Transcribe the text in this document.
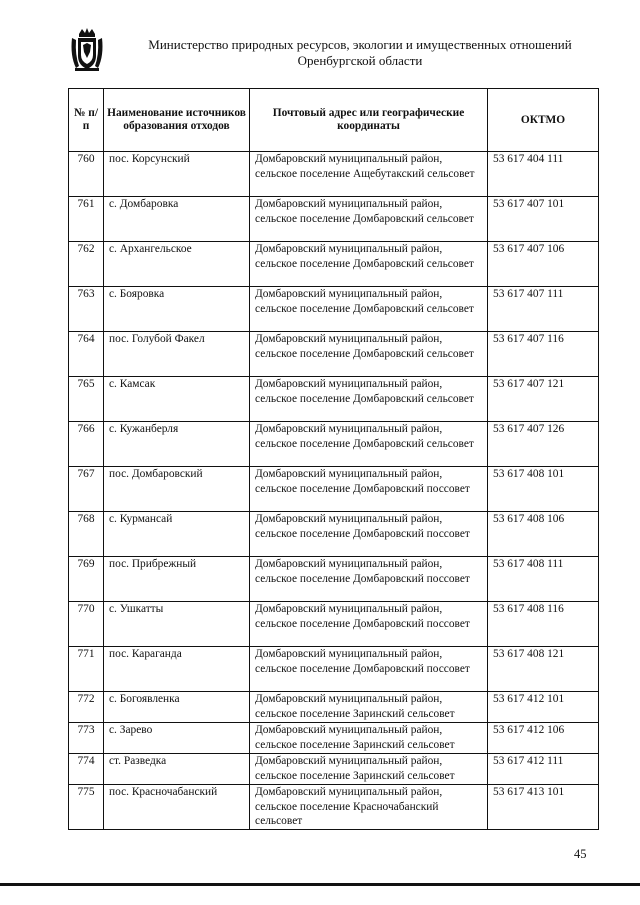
Министерство природных ресурсов, экологии и имущественных отношений
Оренбургской области
№ п/п	Наименование источников образования отходов	Почтовый адрес или географические координаты	ОКТМО
760	пос. Корсунский	Домбаровский муниципальный район, сельское поселение Ащебутакский сельсовет	53 617 404 111
761	с. Домбаровка	Домбаровский муниципальный район, сельское поселение Домбаровский сельсовет	53 617 407 101
762	с. Архангельское	Домбаровский муниципальный район, сельское поселение Домбаровский сельсовет	53 617 407 106
763	с. Бояровка	Домбаровский муниципальный район, сельское поселение Домбаровский сельсовет	53 617 407 111
764	пос. Голубой Факел	Домбаровский муниципальный район, сельское поселение Домбаровский сельсовет	53 617 407 116
765	с. Камсак	Домбаровский муниципальный район, сельское поселение Домбаровский сельсовет	53 617 407 121
766	с. Кужанберля	Домбаровский муниципальный район, сельское поселение Домбаровский сельсовет	53 617 407 126
767	пос. Домбаровский	Домбаровский муниципальный район, сельское поселение Домбаровский поссовет	53 617 408 101
768	с. Курмансай	Домбаровский муниципальный район, сельское поселение Домбаровский поссовет	53 617 408 106
769	пос. Прибрежный	Домбаровский муниципальный район, сельское поселение Домбаровский поссовет	53 617 408 111
770	с. Ушкатты	Домбаровский муниципальный район, сельское поселение Домбаровский поссовет	53 617 408 116
771	пос. Караганда	Домбаровский муниципальный район, сельское поселение Домбаровский поссовет	53 617 408 121
772	с. Богоявленка	Домбаровский муниципальный район, сельское поселение Заринский сельсовет	53 617 412 101
773	с. Зарево	Домбаровский муниципальный район, сельское поселение Заринский сельсовет	53 617 412 106
774	ст. Разведка	Домбаровский муниципальный район, сельское поселение Заринский сельсовет	53 617 412 111
775	пос. Красночабанский	Домбаровский муниципальный район, сельское поселение Красночабанский сельсовет	53 617 413 101
45
